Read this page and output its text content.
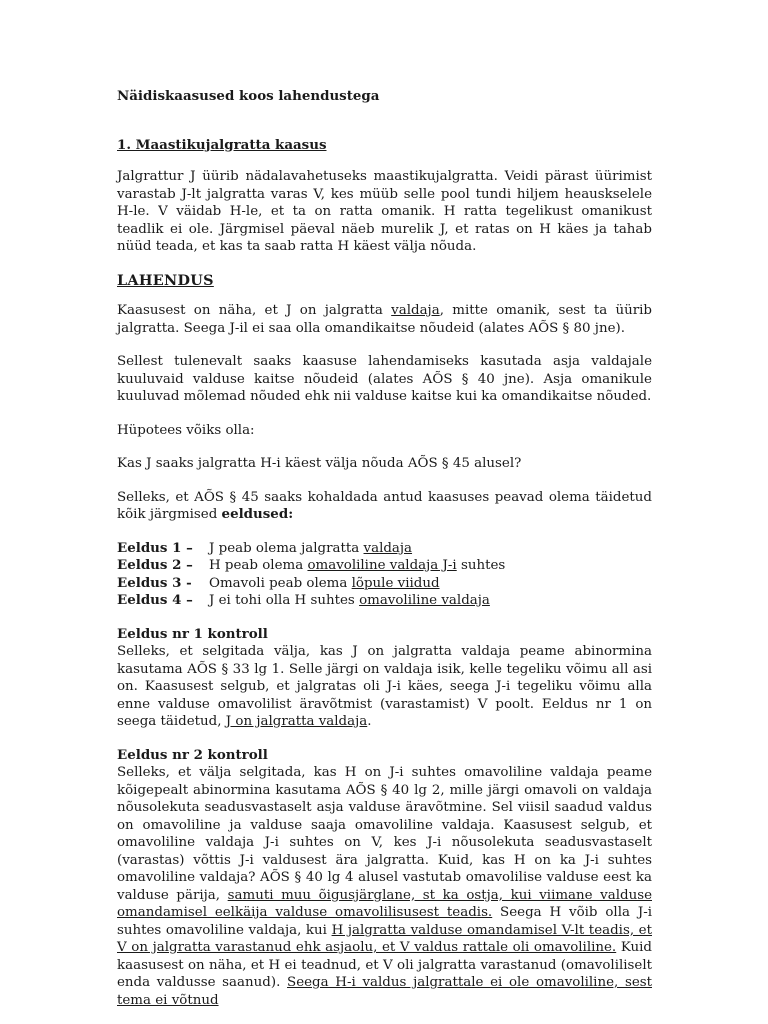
Näidiskaasused koos lahendustega

1. Maastikujalgratta kaasus

Jalgrattur J üürib nädalavahetuseks maastikujalgratta. Veidi pärast üürimist varastab J-lt jalgratta varas V, kes müüb selle pool tundi hiljem heauskselele H-le. V väidab H-le, et ta on ratta omanik. H ratta tegelikust omanikust teadlik ei ole. Järgmisel päeval näeb murelik J, et ratas on H käes ja tahab nüüd teada, et kas ta saab ratta H käest välja nõuda.

LAHENDUS

Kaasusest on näha, et J on jalgratta valdaja, mitte omanik, sest ta üürib jalgratta. Seega J-il ei saa olla omandikaitse nõudeid (alates AÕS § 80 jne).

Sellest tulenevalt saaks kaasuse lahendamiseks kasutada asja valdajale kuuluvaid valduse kaitse nõudeid (alates AÕS § 40 jne). Asja omanikule kuuluvad mõlemad nõuded ehk nii valduse kaitse kui ka omandikaitse nõuded.

Hüpotees võiks olla:

Kas J saaks jalgratta H-i käest välja nõuda AÕS § 45 alusel?

Selleks, et AÕS § 45 saaks kohaldada antud kaasuses peavad olema täidetud kõik järgmised eeldused:

Eeldus 1 –	J peab olema jalgratta valdaja
Eeldus 2 –	H peab olema omavoliline valdaja J-i suhtes
Eeldus 3 -	Omavoli peab olema lõpule viidud
Eeldus 4 –	J ei tohi olla H suhtes omavoliline valdaja

Eeldus nr 1 kontroll

Selleks, et selgitada välja, kas J on jalgratta valdaja peame abinormina kasutama AÕS § 33 lg 1. Selle järgi on valdaja isik, kelle tegeliku võimu all asi on. Kaasusest selgub, et jalgratas oli J-i käes, seega J-i tegeliku võimu alla enne valduse omavolilist äravõtmist (varastamist) V poolt. Eeldus nr 1 on seega täidetud, J on jalgratta valdaja.

Eeldus nr 2 kontroll

Selleks, et välja selgitada, kas H on J-i suhtes omavoliline valdaja peame kõigepealt abinormina kasutama AÕS § 40 lg 2, mille järgi omavoli on valdaja nõusolekuta seadusvastaselt asja valduse äravõtmine. Sel viisil saadud valdus on omavoliline ja valduse saaja omavoliline valdaja. Kaasusest selgub, et omavoliline valdaja J-i suhtes on V, kes J-i nõusolekuta seadusvastaselt (varastas) võttis J-i valdusest ära jalgratta. Kuid, kas H on ka J-i suhtes omavoliline valdaja? AÕS § 40 lg 4 alusel vastutab omavolilise valduse eest ka valduse pärija, samuti muu õigusjärglane, st ka ostja, kui viimane valduse omandamisel eelkäija valduse omavolilisusest teadis. Seega H võib olla J-i suhtes omavoliline valdaja, kui H jalgratta valduse omandamisel V-lt teadis, et V on jalgratta varastanud ehk asjaolu, et V valdus rattale oli omavoliline. Kuid kaasusest on näha, et H ei teadnud, et V oli jalgratta varastanud (omavoliliselt enda valdusse saanud). Seega H-i valdus jalgrattale ei ole omavoliline, sest tema ei võtnud
